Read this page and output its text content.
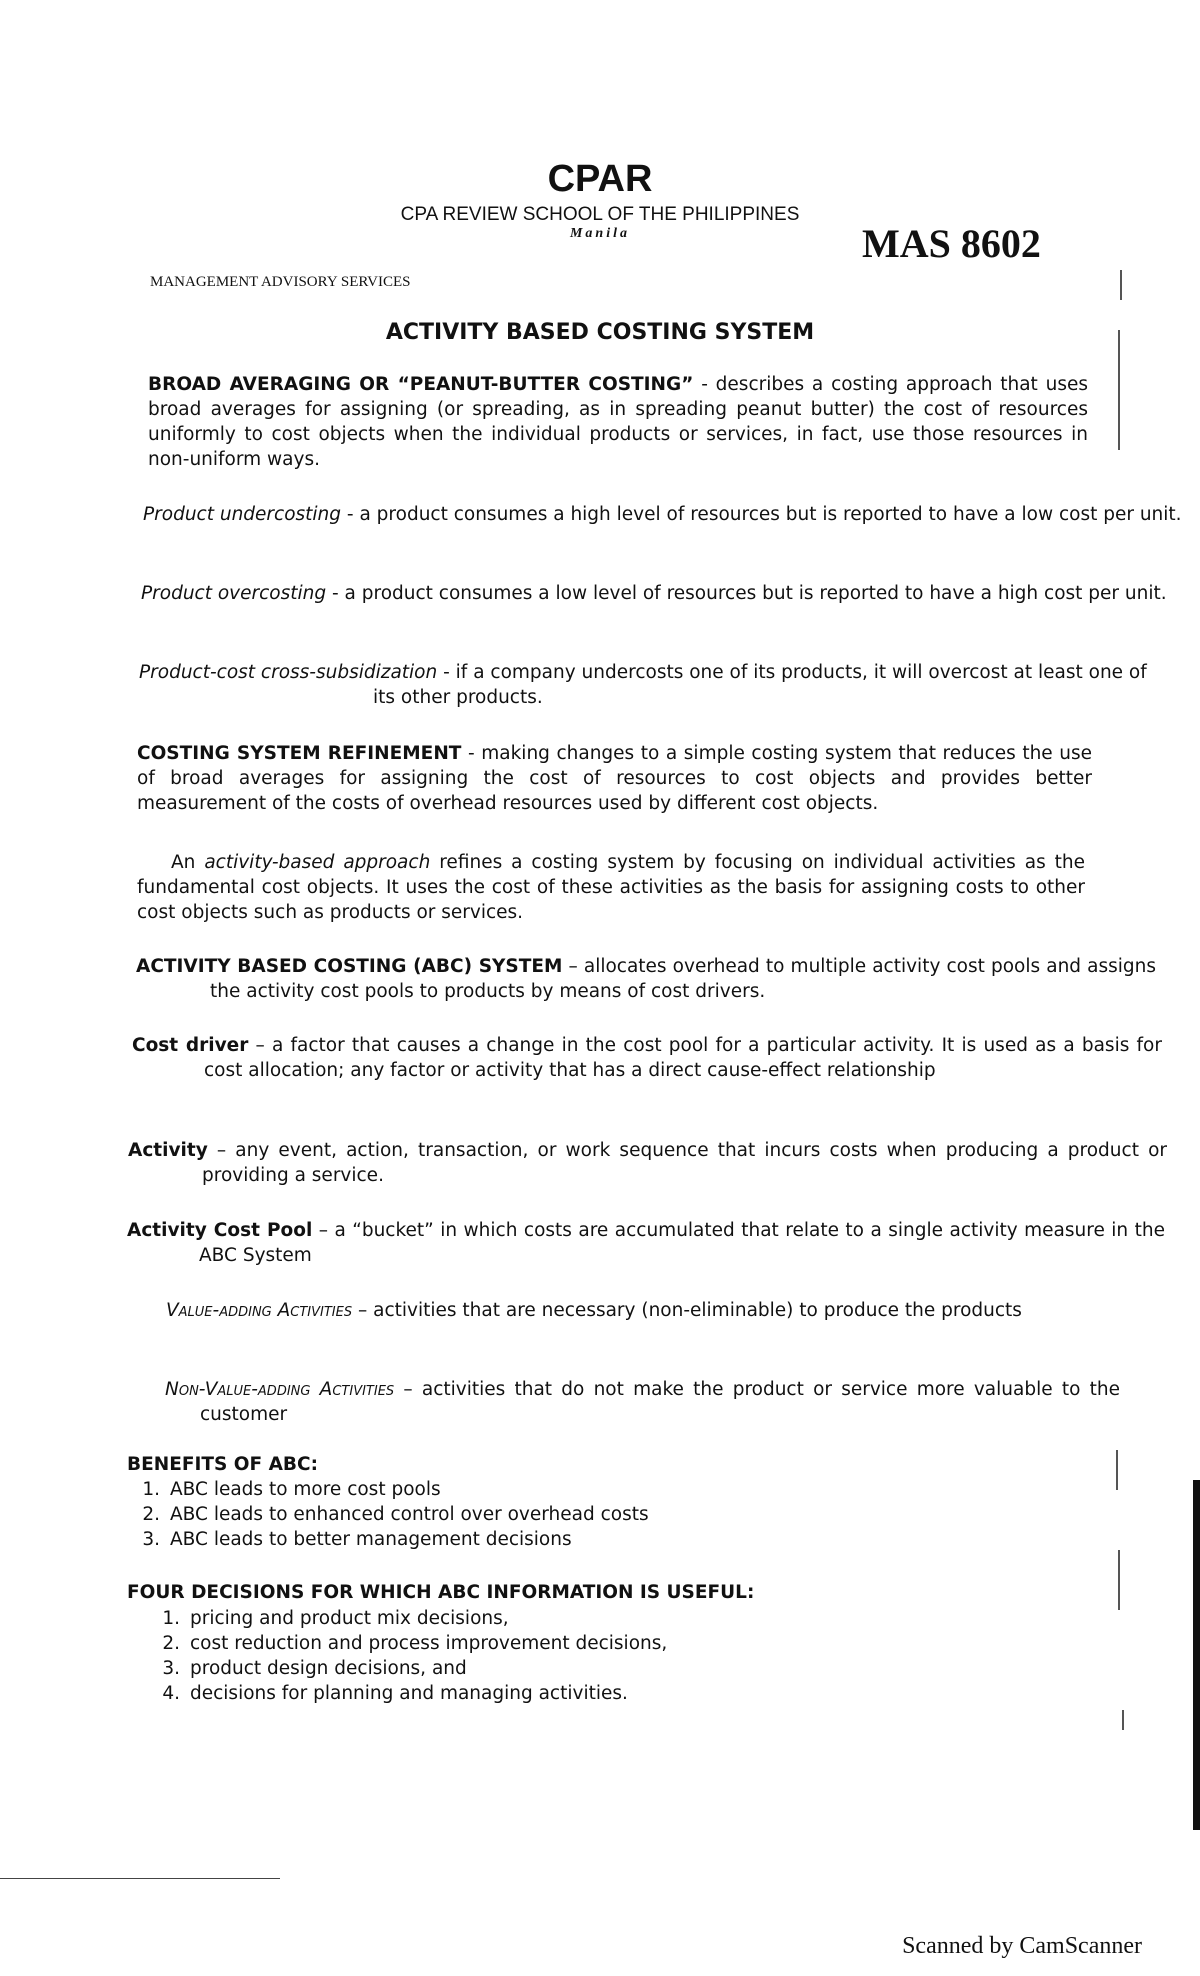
CPAR
CPA REVIEW SCHOOL OF THE PHILIPPINES
Manila	MAS 8602
MANAGEMENT ADVISORY SERVICES
ACTIVITY BASED COSTING SYSTEM
BROAD AVERAGING OR “PEANUT-BUTTER COSTING” - describes a costing approach that uses broad averages for assigning (or spreading, as in spreading peanut butter) the cost of resources uniformly to cost objects when the individual products or services, in fact, use those resources in non-uniform ways.
Product undercosting - a product consumes a high level of resources but is reported to have a low cost per unit.
Product overcosting - a product consumes a low level of resources but is reported to have a high cost per unit.
Product-cost cross-subsidization - if a company undercosts one of its products, it will overcost at least one of its other products.
COSTING SYSTEM REFINEMENT - making changes to a simple costing system that reduces the use of broad averages for assigning the cost of resources to cost objects and provides better measurement of the costs of overhead resources used by different cost objects.
An activity-based approach refines a costing system by focusing on individual activities as the fundamental cost objects. It uses the cost of these activities as the basis for assigning costs to other cost objects such as products or services.
ACTIVITY BASED COSTING (ABC) SYSTEM – allocates overhead to multiple activity cost pools and assigns the activity cost pools to products by means of cost drivers.
Cost driver – a factor that causes a change in the cost pool for a particular activity. It is used as a basis for cost allocation; any factor or activity that has a direct cause-effect relationship
Activity – any event, action, transaction, or work sequence that incurs costs when producing a product or providing a service.
Activity Cost Pool – a “bucket” in which costs are accumulated that relate to a single activity measure in the ABC System
Value-adding Activities – activities that are necessary (non-eliminable) to produce the products
Non-Value-adding Activities – activities that do not make the product or service more valuable to the customer
BENEFITS OF ABC:
1. ABC leads to more cost pools
2. ABC leads to enhanced control over overhead costs
3. ABC leads to better management decisions
FOUR DECISIONS FOR WHICH ABC INFORMATION IS USEFUL:
1. pricing and product mix decisions,
2. cost reduction and process improvement decisions,
3. product design decisions, and
4. decisions for planning and managing activities.
Scanned by CamScanner
